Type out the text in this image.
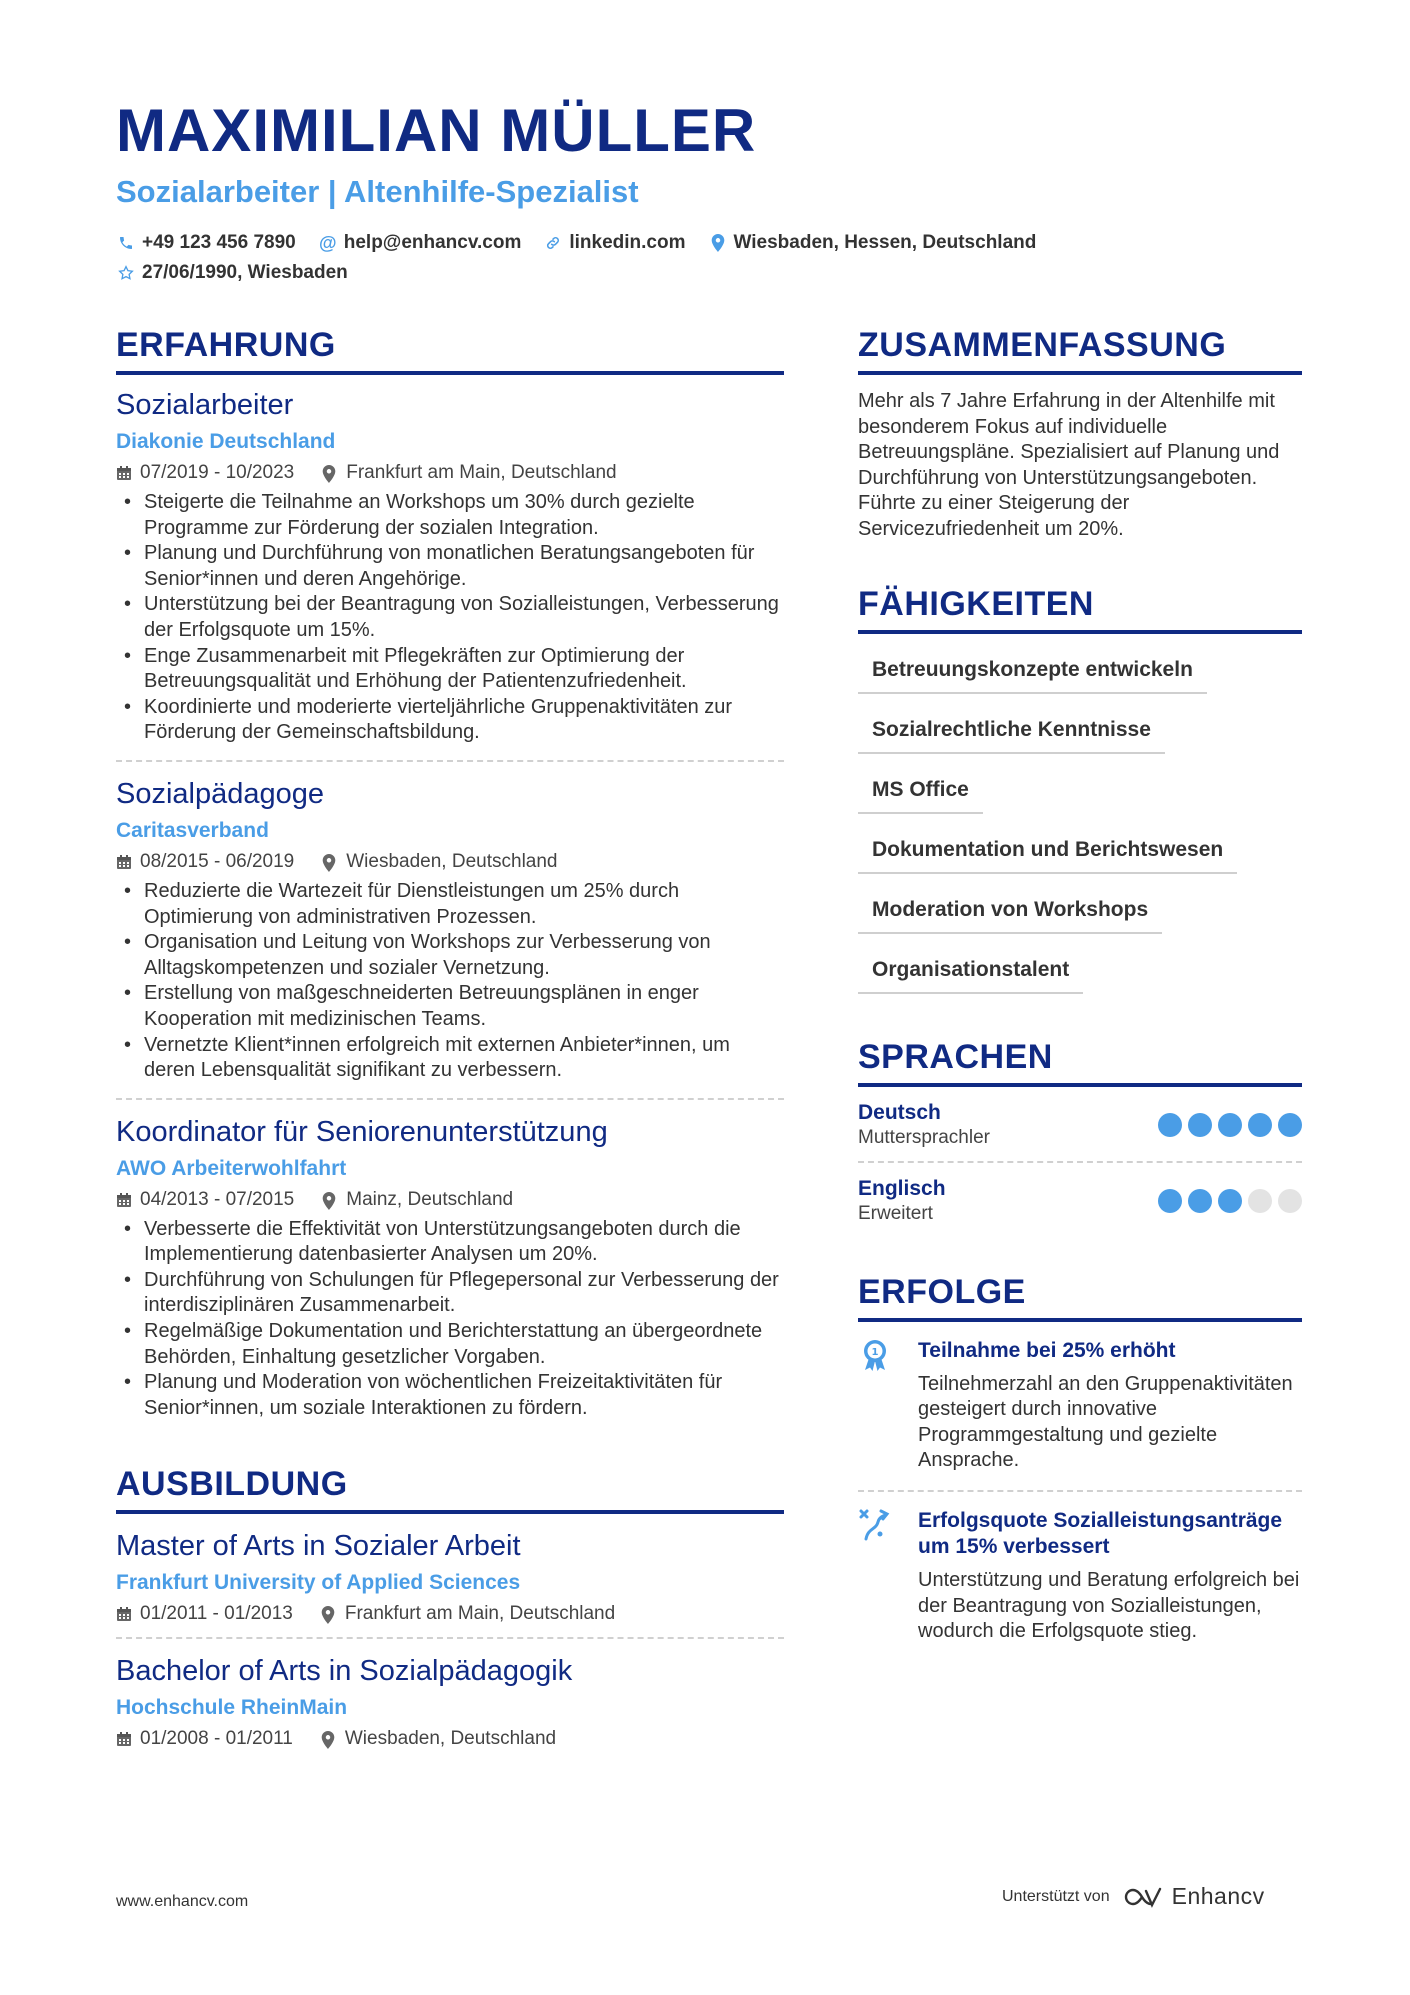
MAXIMILIAN MÜLLER
Sozialarbeiter | Altenhilfe-Spezialist
+49 123 456 7890 @ help@enhancv.com	linkedin.com	Wiesbaden, Hessen, Deutschland
27/06/1990, Wiesbaden
ERFAHRUNG
Sozialarbeiter
Diakonie Deutschland
07/2019 - 10/2023	Frankfurt am Main, Deutschland
• Steigerte die Teilnahme an Workshops um 30% durch gezielte Programme zur Förderung der sozialen Integration.
• Planung und Durchführung von monatlichen Beratungsangeboten für Senior*innen und deren Angehörige.
• Unterstützung bei der Beantragung von Sozialleistungen, Verbesserung der Erfolgsquote um 15%.
• Enge Zusammenarbeit mit Pflegekräften zur Optimierung der Betreuungsqualität und Erhöhung der Patientenzufriedenheit.
• Koordinierte und moderierte vierteljährliche Gruppenaktivitäten zur Förderung der Gemeinschaftsbildung.
Sozialpädagoge
Caritasverband
08/2015 - 06/2019	Wiesbaden, Deutschland
• Reduzierte die Wartezeit für Dienstleistungen um 25% durch Optimierung von administrativen Prozessen.
• Organisation und Leitung von Workshops zur Verbesserung von Alltagskompetenzen und sozialer Vernetzung.
• Erstellung von maßgeschneiderten Betreuungsplänen in enger Kooperation mit medizinischen Teams.
• Vernetzte Klient*innen erfolgreich mit externen Anbieter*innen, um deren Lebensqualität signifikant zu verbessern.
Koordinator für Seniorenunterstützung
AWO Arbeiterwohlfahrt
04/2013 - 07/2015	Mainz, Deutschland
• Verbesserte die Effektivität von Unterstützungsangeboten durch die Implementierung datenbasierter Analysen um 20%.
• Durchführung von Schulungen für Pflegepersonal zur Verbesserung der interdisziplinären Zusammenarbeit.
• Regelmäßige Dokumentation und Berichterstattung an übergeordnete Behörden, Einhaltung gesetzlicher Vorgaben.
• Planung und Moderation von wöchentlichen Freizeitaktivitäten für Senior*innen, um soziale Interaktionen zu fördern.
AUSBILDUNG
Master of Arts in Sozialer Arbeit
Frankfurt University of Applied Sciences
01/2011 - 01/2013	Frankfurt am Main, Deutschland
Bachelor of Arts in Sozialpädagogik
Hochschule RheinMain
01/2008 - 01/2011	Wiesbaden, Deutschland
ZUSAMMENFASSUNG
Mehr als 7 Jahre Erfahrung in der Altenhilfe mit besonderem Fokus auf individuelle Betreuungspläne. Spezialisiert auf Planung und Durchführung von Unterstützungsangeboten. Führte zu einer Steigerung der Servicezufriedenheit um 20%.
FÄHIGKEITEN
Betreuungskonzepte entwickeln
Sozialrechtliche Kenntnisse
MS Office
Dokumentation und Berichtswesen
Moderation von Workshops
Organisationstalent
SPRACHEN
Deutsch
Muttersprachler
Englisch
Erweitert
ERFOLGE
1 Teilnahme bei 25% erhöht
Teilnehmerzahl an den Gruppenaktivitäten gesteigert durch innovative Programmgestaltung und gezielte Ansprache.
Erfolgsquote Sozialleistungsanträge um 15% verbessert
Unterstützung und Beratung erfolgreich bei der Beantragung von Sozialleistungen, wodurch die Erfolgsquote stieg.
www.enhancv.com	Unterstützt von	Enhancv
